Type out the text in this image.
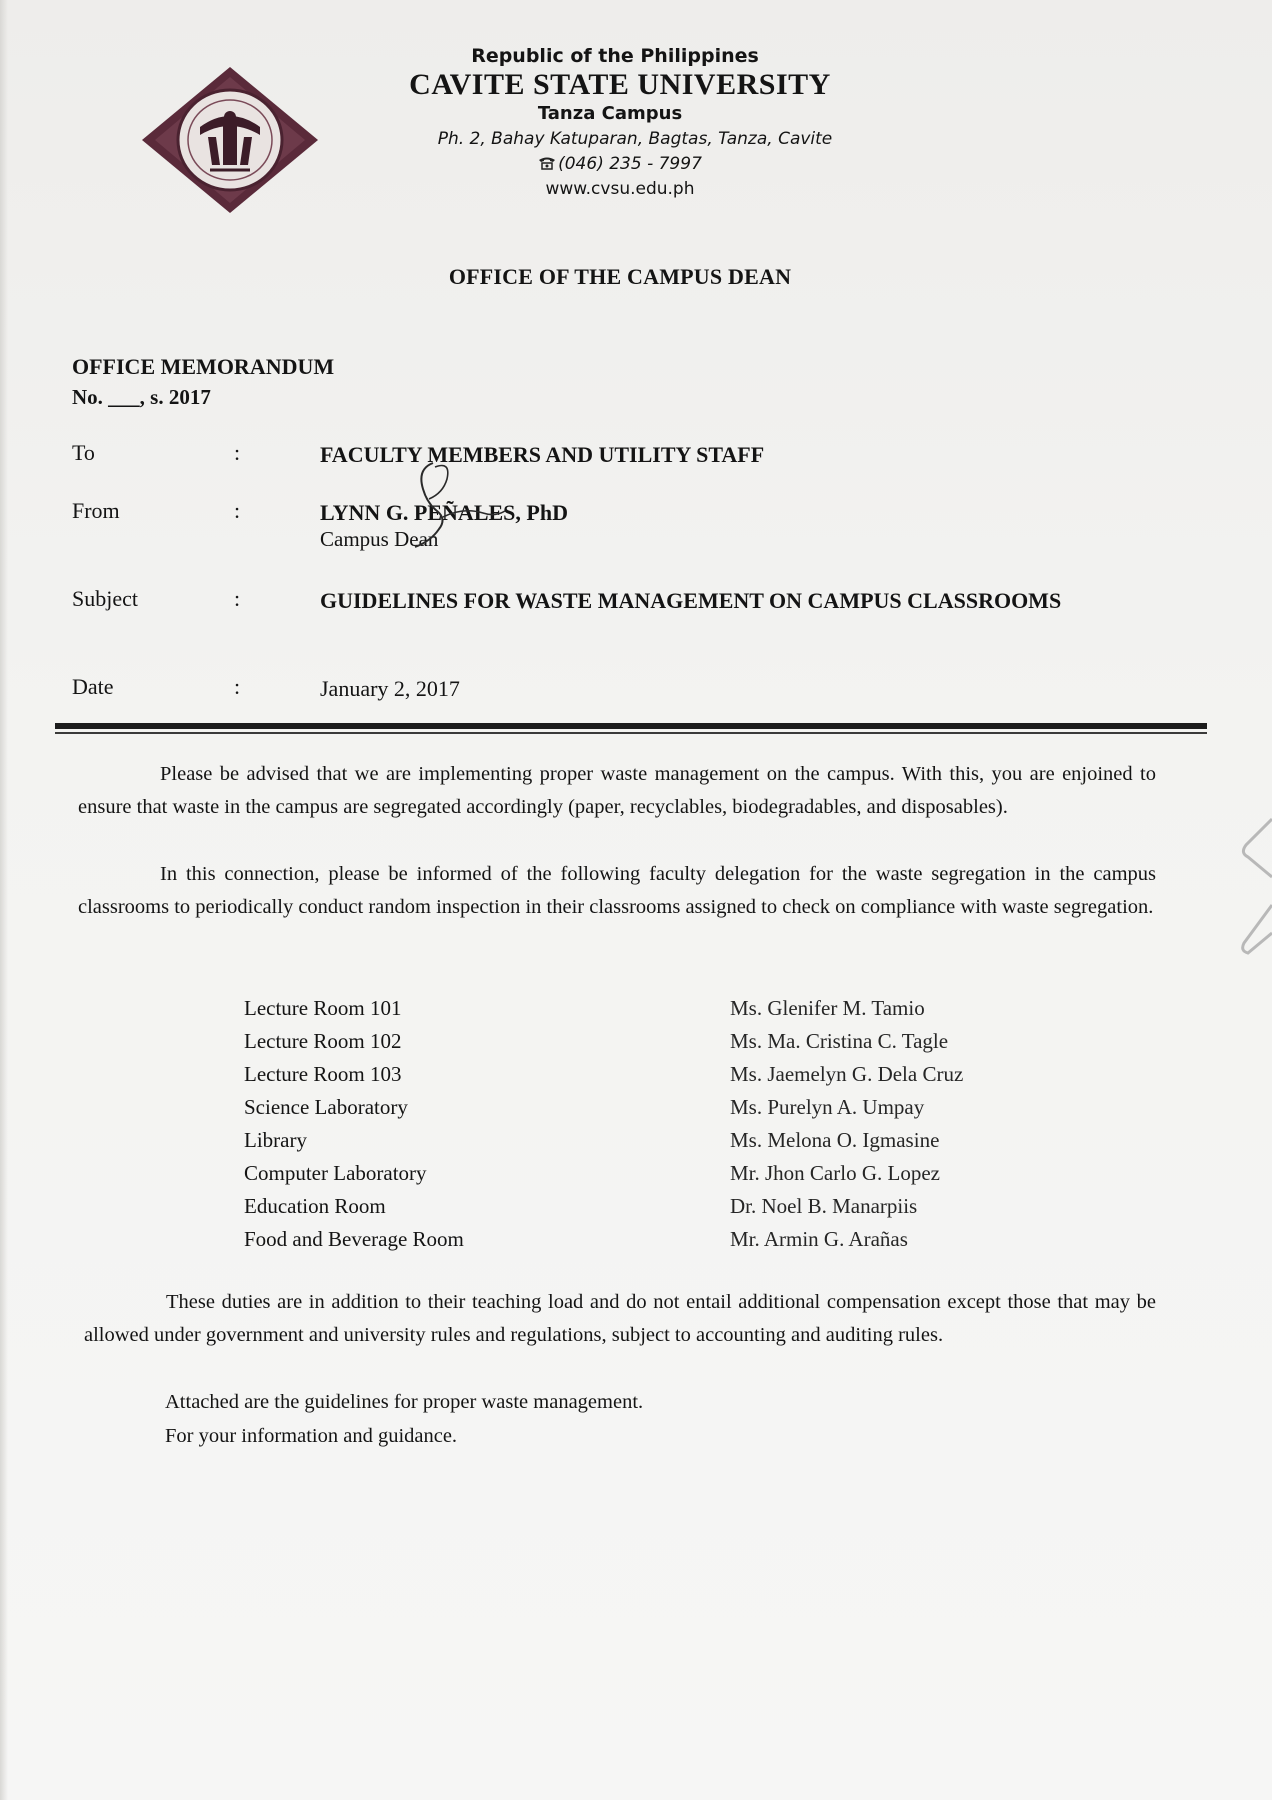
Republic of the Philippines
CAVITE STATE UNIVERSITY
Tanza Campus
Ph. 2, Bahay Katuparan, Bagtas, Tanza, Cavite
(046) 235 - 7997
www.cvsu.edu.ph
OFFICE OF THE CAMPUS DEAN
OFFICE MEMORANDUM
No. ___, s. 2017
To	:	FACULTY MEMBERS AND UTILITY STAFF
From	:	LYNN G. PEÑALES, PhD
Campus Dean
Subject	:	GUIDELINES FOR WASTE MANAGEMENT ON CAMPUS CLASSROOMS
Date	:	January 2, 2017
Please be advised that we are implementing proper waste management on the campus. With this, you are enjoined to ensure that waste in the campus are segregated accordingly (paper, recyclables, biodegradables, and disposables).
In this connection, please be informed of the following faculty delegation for the waste segregation in the campus classrooms to periodically conduct random inspection in their classrooms assigned to check on compliance with waste segregation.
Lecture Room 101	Ms. Glenifer M. Tamio
Lecture Room 102	Ms. Ma. Cristina C. Tagle
Lecture Room 103	Ms. Jaemelyn G. Dela Cruz
Science Laboratory	Ms. Purelyn A. Umpay
Library	Ms. Melona O. Igmasine
Computer Laboratory	Mr. Jhon Carlo G. Lopez
Education Room	Dr. Noel B. Manarpiis
Food and Beverage Room	Mr. Armin G. Arañas
These duties are in addition to their teaching load and do not entail additional compensation except those that may be allowed under government and university rules and regulations, subject to accounting and auditing rules.
Attached are the guidelines for proper waste management.
For your information and guidance.
